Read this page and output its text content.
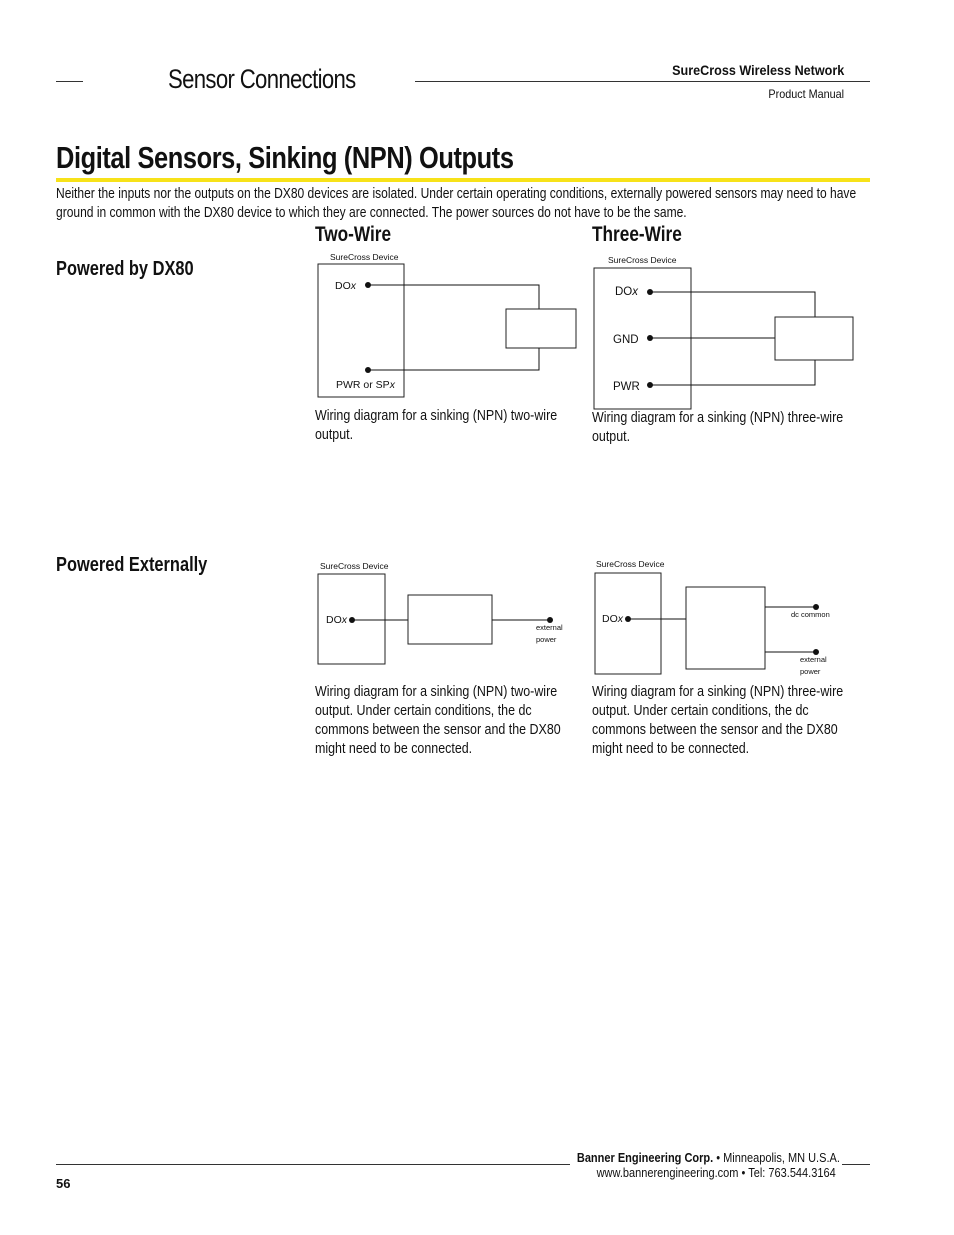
Sensor Connections	SureCross Wireless Network
Product Manual
Digital Sensors, Sinking (NPN) Outputs
Neither the inputs nor the outputs on the DX80 devices are isolated. Under certain operating conditions, externally powered sensors may need to have ground in common with the DX80 device to which they are connected. The power sources do not have to be the same.
Two-Wire	Three-Wire
Powered by DX80
Powered Externally
SureCross Device
DOx
PWR or SPx
Wiring diagram for a sinking (NPN) two-wire output.
SureCross Device
DOx
GND
PWR
Wiring diagram for a sinking (NPN) three-wire output.
SureCross Device
DOx
external
power
Wiring diagram for a sinking (NPN) two-wire output. Under certain conditions, the dc commons between the sensor and the DX80 might need to be connected.
SureCross Device
DOx	dc common
external
power
Wiring diagram for a sinking (NPN) three-wire output. Under certain conditions, the dc commons between the sensor and the DX80 might need to be connected.
Banner Engineering Corp. • Minneapolis, MN U.S.A.
www.bannerengineering.com • Tel: 763.544.3164
56
